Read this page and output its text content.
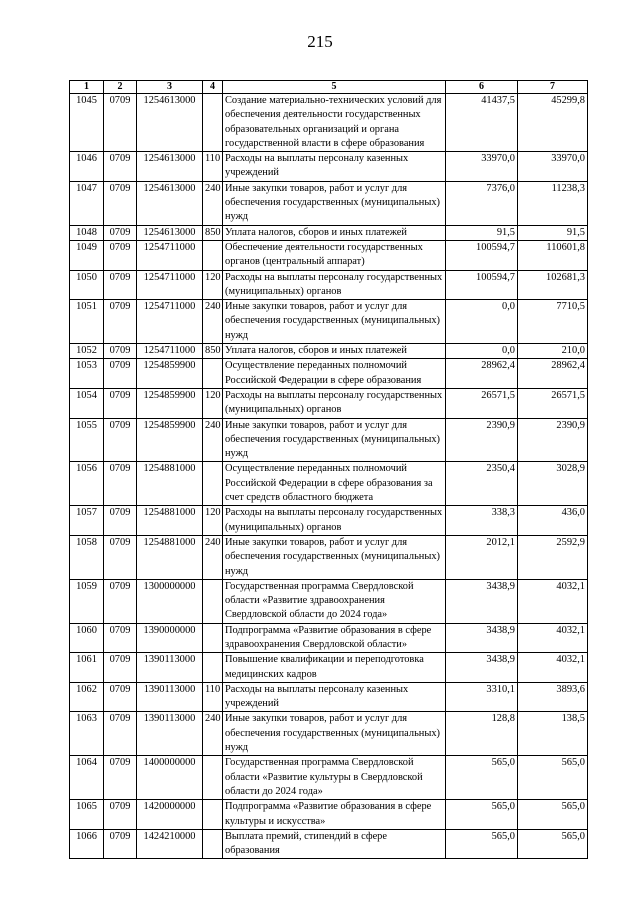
215
1	2	3	4	5	6	7
1045	0709	1254613000		Создание материально-технических условий для обеспечения деятельности государственных образовательных организаций и органа государственной власти в сфере образования	41437,5	45299,8
1046	0709	1254613000	110	Расходы на выплаты персоналу казенных учреждений	33970,0	33970,0
1047	0709	1254613000	240	Иные закупки товаров, работ и услуг для обеспечения государственных (муниципальных) нужд	7376,0	11238,3
1048	0709	1254613000	850	Уплата налогов, сборов и иных платежей	91,5	91,5
1049	0709	1254711000		Обеспечение деятельности государственных органов (центральный аппарат)	100594,7	110601,8
1050	0709	1254711000	120	Расходы на выплаты персоналу государственных (муниципальных) органов	100594,7	102681,3
1051	0709	1254711000	240	Иные закупки товаров, работ и услуг для обеспечения государственных (муниципальных) нужд	0,0	7710,5
1052	0709	1254711000	850	Уплата налогов, сборов и иных платежей	0,0	210,0
1053	0709	1254859900		Осуществление переданных полномочий Российской Федерации в сфере образования	28962,4	28962,4
1054	0709	1254859900	120	Расходы на выплаты персоналу государственных (муниципальных) органов	26571,5	26571,5
1055	0709	1254859900	240	Иные закупки товаров, работ и услуг для обеспечения государственных (муниципальных) нужд	2390,9	2390,9
1056	0709	1254881000		Осуществление переданных полномочий Российской Федерации в сфере образования за счет средств областного бюджета	2350,4	3028,9
1057	0709	1254881000	120	Расходы на выплаты персоналу государственных (муниципальных) органов	338,3	436,0
1058	0709	1254881000	240	Иные закупки товаров, работ и услуг для обеспечения государственных (муниципальных) нужд	2012,1	2592,9
1059	0709	1300000000		Государственная программа Свердловской области «Развитие здравоохранения Свердловской области до 2024 года»	3438,9	4032,1
1060	0709	1390000000		Подпрограмма «Развитие образования в сфере здравоохранения Свердловской области»	3438,9	4032,1
1061	0709	1390113000		Повышение квалификации и переподготовка медицинских кадров	3438,9	4032,1
1062	0709	1390113000	110	Расходы на выплаты персоналу казенных учреждений	3310,1	3893,6
1063	0709	1390113000	240	Иные закупки товаров, работ и услуг для обеспечения государственных (муниципальных) нужд	128,8	138,5
1064	0709	1400000000		Государственная программа Свердловской области «Развитие культуры в Свердловской области до 2024 года»	565,0	565,0
1065	0709	1420000000		Подпрограмма «Развитие образования в сфере культуры и искусства»	565,0	565,0
1066	0709	1424210000		Выплата премий, стипендий в сфере образования	565,0	565,0
